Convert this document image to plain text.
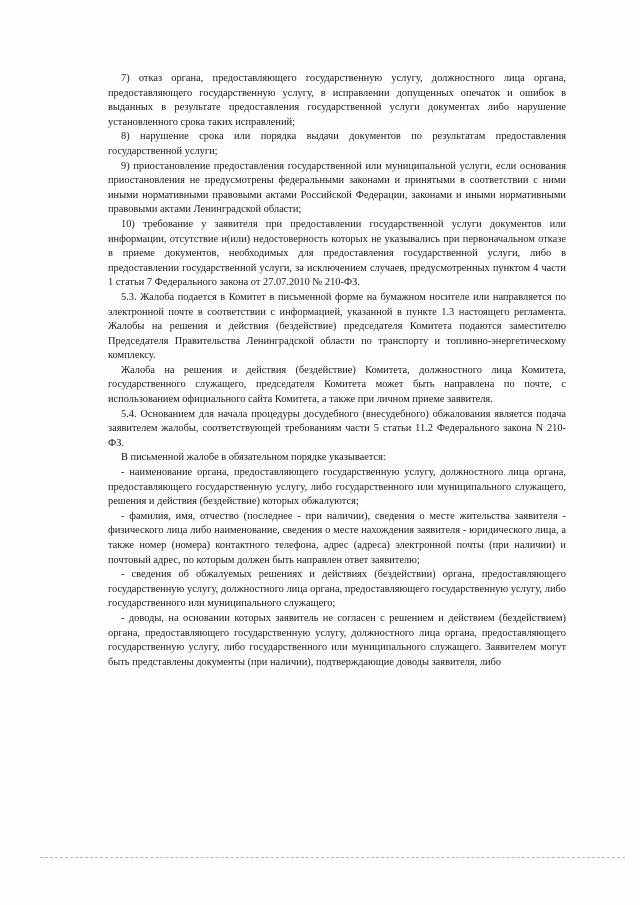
7) отказ органа, предоставляющего государственную услугу, должностного лица органа, предоставляющего государственную услугу, в исправлении допущенных опечаток и ошибок в выданных в результате предоставления государственной услуги документах либо нарушение установленного срока таких исправлений;

8) нарушение срока или порядка выдачи документов по результатам предоставления государственной услуги;

9) приостановление предоставления государственной или муниципальной услуги, если основания приостановления не предусмотрены федеральными законами и принятыми в соответствии с ними иными нормативными правовыми актами Российской Федерации, законами и иными нормативными правовыми актами Ленинградской области;

10) требование у заявителя при предоставлении государственной услуги документов или информации, отсутствие и(или) недостоверность которых не указывались при первоначальном отказе в приеме документов, необходимых для предоставления государственной услуги, либо в предоставлении государственной услуги, за исключением случаев, предусмотренных пунктом 4 части 1 статьи 7 Федерального закона от 27.07.2010 № 210-ФЗ.

5.3. Жалоба подается в Комитет в письменной форме на бумажном носителе или направляется по электронной почте в соответствии с информацией, указанной в пункте 1.3 настоящего регламента. Жалобы на решения и действия (бездействие) председателя Комитета подаются заместителю Председателя Правительства Ленинградской области по транспорту и топливно-энергетическому комплексу.

Жалоба на решения и действия (бездействие) Комитета, должностного лица Комитета, государственного служащего, председателя Комитета может быть направлена по почте, с использованием официального сайта Комитета, а также при личном приеме заявителя.

5.4. Основанием для начала процедуры досудебного (внесудебного) обжалования является подача заявителем жалобы, соответствующей требованиям части 5 статьи 11.2 Федерального закона N 210-ФЗ.

В письменной жалобе в обязательном порядке указывается:

- наименование органа, предоставляющего государственную услугу, должностного лица органа, предоставляющего государственную услугу, либо государственного или муниципального служащего, решения и действия (бездействие) которых обжалуются;

- фамилия, имя, отчество (последнее - при наличии), сведения о месте жительства заявителя - физического лица либо наименование, сведения о месте нахождения заявителя - юридического лица, а также номер (номера) контактного телефона, адрес (адреса) электронной почты (при наличии) и почтовый адрес, по которым должен быть направлен ответ заявителю;

- сведения об обжалуемых решениях и действиях (бездействии) органа, предоставляющего государственную услугу, должностного лица органа, предоставляющего государственную услугу, либо государственного или муниципального служащего;

- доводы, на основании которых заявитель не согласен с решением и действием (бездействием) органа, предоставляющего государственную услугу, должностного лица органа, предоставляющего государственную услугу, либо государственного или муниципального служащего. Заявителем могут быть представлены документы (при наличии), подтверждающие доводы заявителя, либо
